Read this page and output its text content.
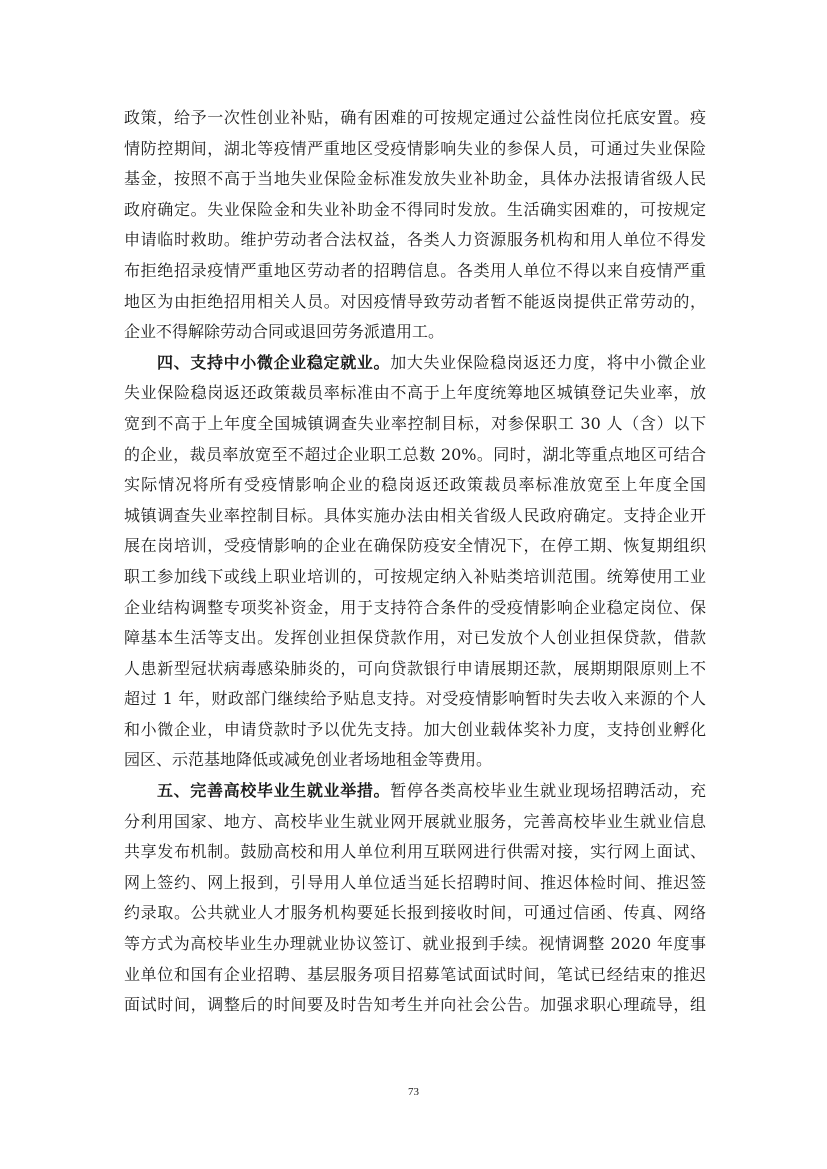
政策，给予一次性创业补贴，确有困难的可按规定通过公益性岗位托底安置。疫
情防控期间，湖北等疫情严重地区受疫情影响失业的参保人员，可通过失业保险
基金，按照不高于当地失业保险金标准发放失业补助金，具体办法报请省级人民
政府确定。失业保险金和失业补助金不得同时发放。生活确实困难的，可按规定
申请临时救助。维护劳动者合法权益，各类人力资源服务机构和用人单位不得发
布拒绝招录疫情严重地区劳动者的招聘信息。各类用人单位不得以来自疫情严重
地区为由拒绝招用相关人员。对因疫情导致劳动者暂不能返岗提供正常劳动的，
企业不得解除劳动合同或退回劳务派遣用工。
四、支持中小微企业稳定就业。加大失业保险稳岗返还力度，将中小微企业
失业保险稳岗返还政策裁员率标准由不高于上年度统筹地区城镇登记失业率，放
宽到不高于上年度全国城镇调查失业率控制目标，对参保职工 30 人（含）以下
的企业，裁员率放宽至不超过企业职工总数 20%。同时，湖北等重点地区可结合
实际情况将所有受疫情影响企业的稳岗返还政策裁员率标准放宽至上年度全国
城镇调查失业率控制目标。具体实施办法由相关省级人民政府确定。支持企业开
展在岗培训，受疫情影响的企业在确保防疫安全情况下，在停工期、恢复期组织
职工参加线下或线上职业培训的，可按规定纳入补贴类培训范围。统筹使用工业
企业结构调整专项奖补资金，用于支持符合条件的受疫情影响企业稳定岗位、保
障基本生活等支出。发挥创业担保贷款作用，对已发放个人创业担保贷款，借款
人患新型冠状病毒感染肺炎的，可向贷款银行申请展期还款，展期期限原则上不
超过 1 年，财政部门继续给予贴息支持。对受疫情影响暂时失去收入来源的个人
和小微企业，申请贷款时予以优先支持。加大创业载体奖补力度，支持创业孵化
园区、示范基地降低或减免创业者场地租金等费用。
五、完善高校毕业生就业举措。暂停各类高校毕业生就业现场招聘活动，充
分利用国家、地方、高校毕业生就业网开展就业服务，完善高校毕业生就业信息
共享发布机制。鼓励高校和用人单位利用互联网进行供需对接，实行网上面试、
网上签约、网上报到，引导用人单位适当延长招聘时间、推迟体检时间、推迟签
约录取。公共就业人才服务机构要延长报到接收时间，可通过信函、传真、网络
等方式为高校毕业生办理就业协议签订、就业报到手续。视情调整 2020 年度事
业单位和国有企业招聘、基层服务项目招募笔试面试时间，笔试已经结束的推迟
面试时间，调整后的时间要及时告知考生并向社会公告。加强求职心理疏导，组
73
